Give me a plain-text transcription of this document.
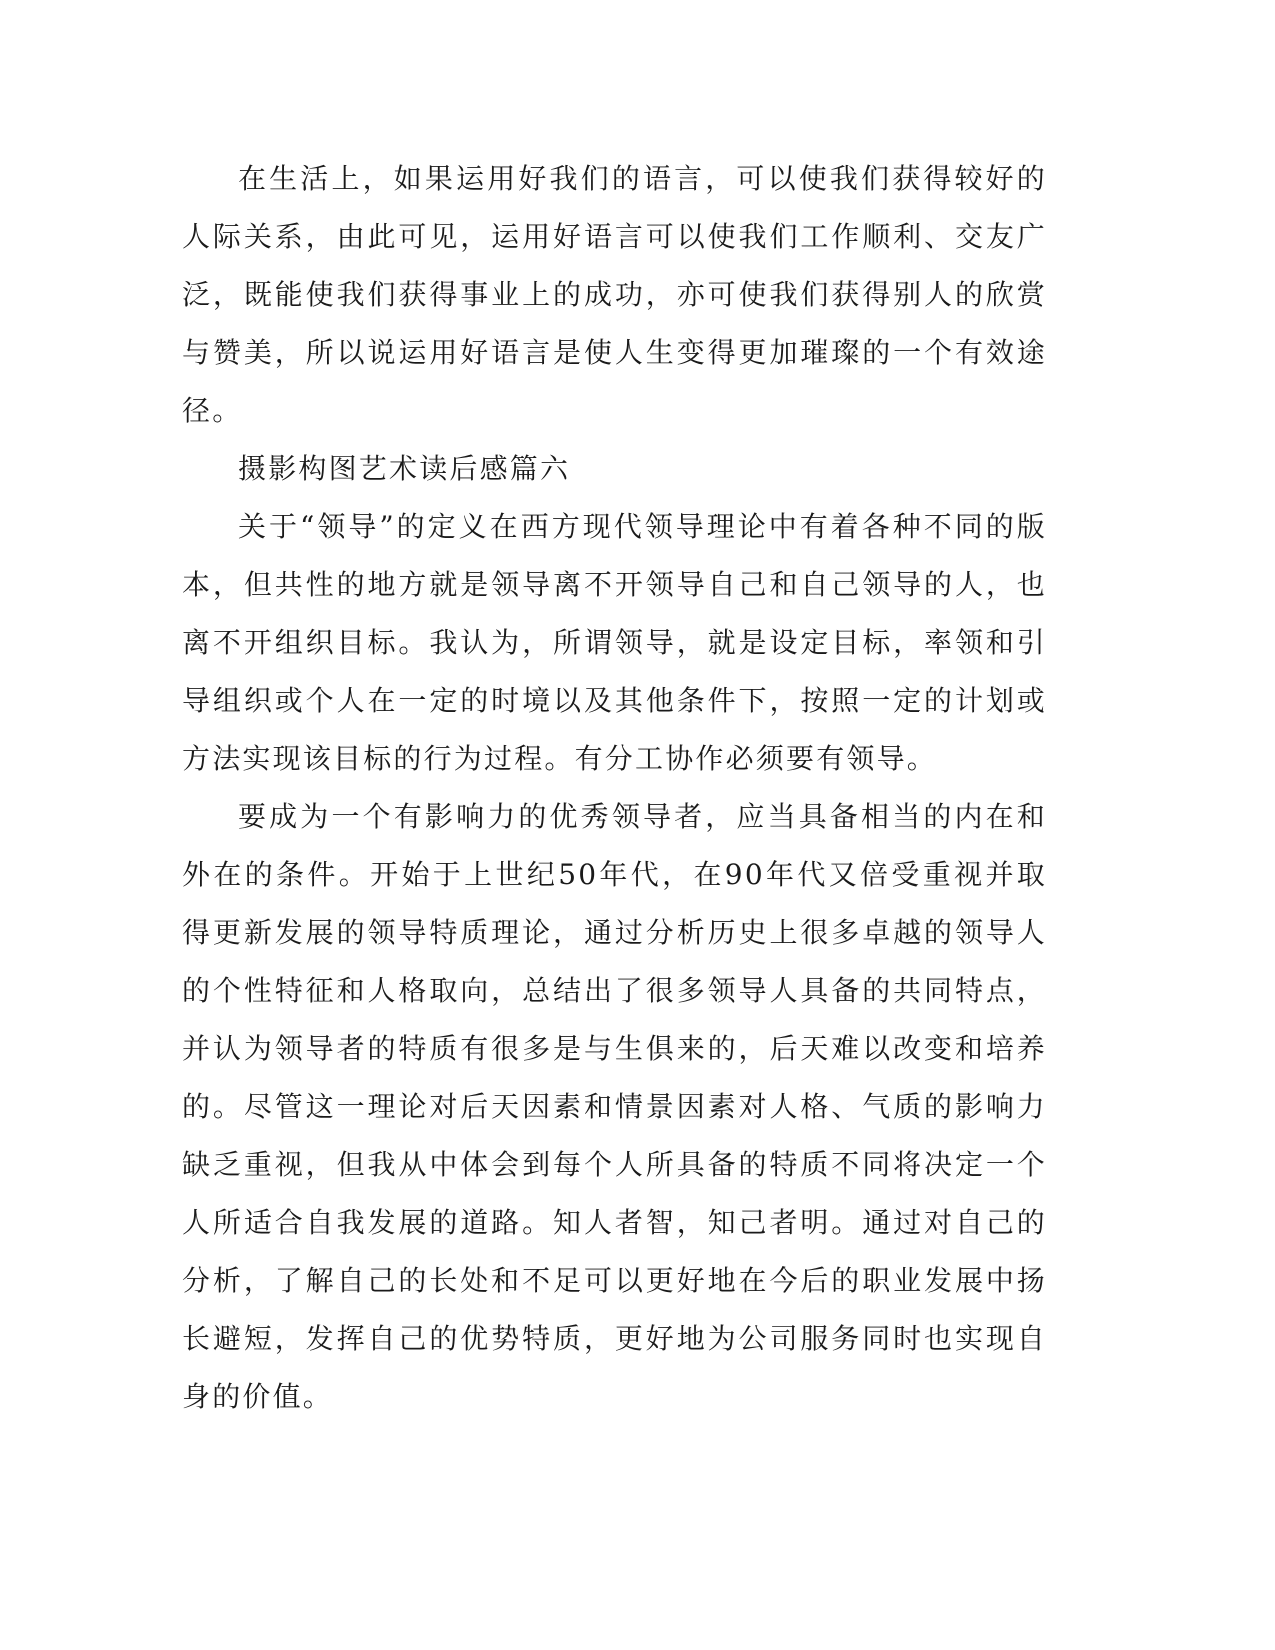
在生活上，如果运用好我们的语言，可以使我们获得较好的人际关系，由此可见，运用好语言可以使我们工作顺利、交友广泛，既能使我们获得事业上的成功，亦可使我们获得别人的欣赏与赞美，所以说运用好语言是使人生变得更加璀璨的一个有效途径。

摄影构图艺术读后感篇六

关于“领导”的定义在西方现代领导理论中有着各种不同的版本，但共性的地方就是领导离不开领导自己和自己领导的人，也离不开组织目标。我认为，所谓领导，就是设定目标，率领和引导组织或个人在一定的时境以及其他条件下，按照一定的计划或方法实现该目标的行为过程。有分工协作必须要有领导。

要成为一个有影响力的优秀领导者，应当具备相当的内在和外在的条件。开始于上世纪50年代，在90年代又倍受重视并取得更新发展的领导特质理论，通过分析历史上很多卓越的领导人的个性特征和人格取向，总结出了很多领导人具备的共同特点，并认为领导者的特质有很多是与生俱来的，后天难以改变和培养的。尽管这一理论对后天因素和情景因素对人格、气质的影响力缺乏重视，但我从中体会到每个人所具备的特质不同将决定一个人所适合自我发展的道路。知人者智，知己者明。通过对自己的分析，了解自己的长处和不足可以更好地在今后的职业发展中扬长避短，发挥自己的优势特质，更好地为公司服务同时也实现自身的价值。
